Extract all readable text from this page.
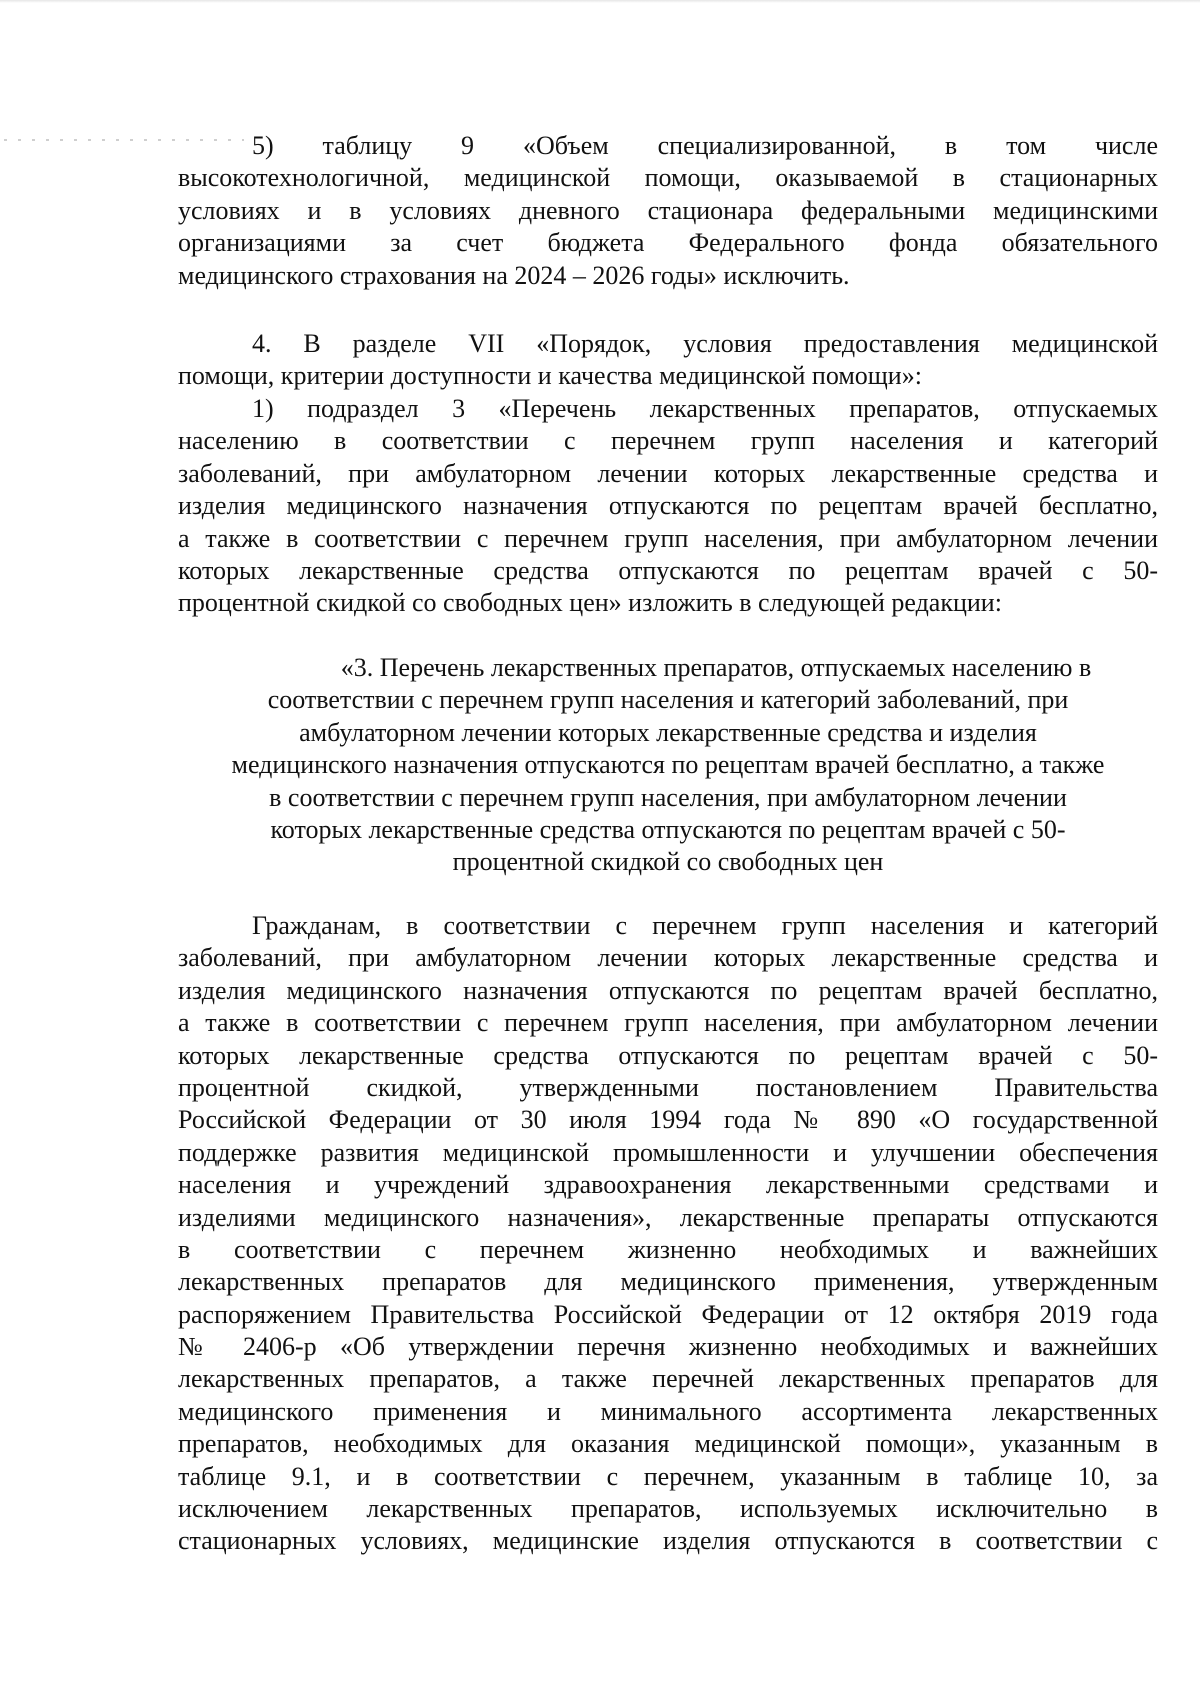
5) таблицу 9 «Объем специализированной, в том числе
высокотехнологичной, медицинской помощи, оказываемой в стационарных
условиях и в условиях дневного стационара федеральными медицинскими
организациями за счет бюджета Федерального фонда обязательного
медицинского страхования на 2024 – 2026 годы» исключить.
4. В разделе VII «Порядок, условия предоставления медицинской
помощи, критерии доступности и качества медицинской помощи»:
1) подраздел 3 «Перечень лекарственных препаратов, отпускаемых
населению в соответствии с перечнем групп населения и категорий
заболеваний, при амбулаторном лечении которых лекарственные средства и
изделия медицинского назначения отпускаются по рецептам врачей бесплатно,
а также в соответствии с перечнем групп населения, при амбулаторном лечении
которых лекарственные средства отпускаются по рецептам врачей с 50-
процентной скидкой со свободных цен» изложить в следующей редакции:
«3. Перечень лекарственных препаратов, отпускаемых населению в
соответствии с перечнем групп населения и категорий заболеваний, при
амбулаторном лечении которых лекарственные средства и изделия
медицинского назначения отпускаются по рецептам врачей бесплатно, а также
в соответствии с перечнем групп населения, при амбулаторном лечении
которых лекарственные средства отпускаются по рецептам врачей с 50-
процентной скидкой со свободных цен
Гражданам, в соответствии с перечнем групп населения и категорий
заболеваний, при амбулаторном лечении которых лекарственные средства и
изделия медицинского назначения отпускаются по рецептам врачей бесплатно,
а также в соответствии с перечнем групп населения, при амбулаторном лечении
которых лекарственные средства отпускаются по рецептам врачей с 50-
процентной скидкой, утвержденными постановлением Правительства
Российской Федерации от 30 июля 1994 года № 890 «О государственной
поддержке развития медицинской промышленности и улучшении обеспечения
населения и учреждений здравоохранения лекарственными средствами и
изделиями медицинского назначения», лекарственные препараты отпускаются
в соответствии с перечнем жизненно необходимых и важнейших
лекарственных препаратов для медицинского применения, утвержденным
распоряжением Правительства Российской Федерации от 12 октября 2019 года
№ 2406-р «Об утверждении перечня жизненно необходимых и важнейших
лекарственных препаратов, а также перечней лекарственных препаратов для
медицинского применения и минимального ассортимента лекарственных
препаратов, необходимых для оказания медицинской помощи», указанным в
таблице 9.1, и в соответствии с перечнем, указанным в таблице 10, за
исключением лекарственных препаратов, используемых исключительно в
стационарных условиях, медицинские изделия отпускаются в соответствии с
